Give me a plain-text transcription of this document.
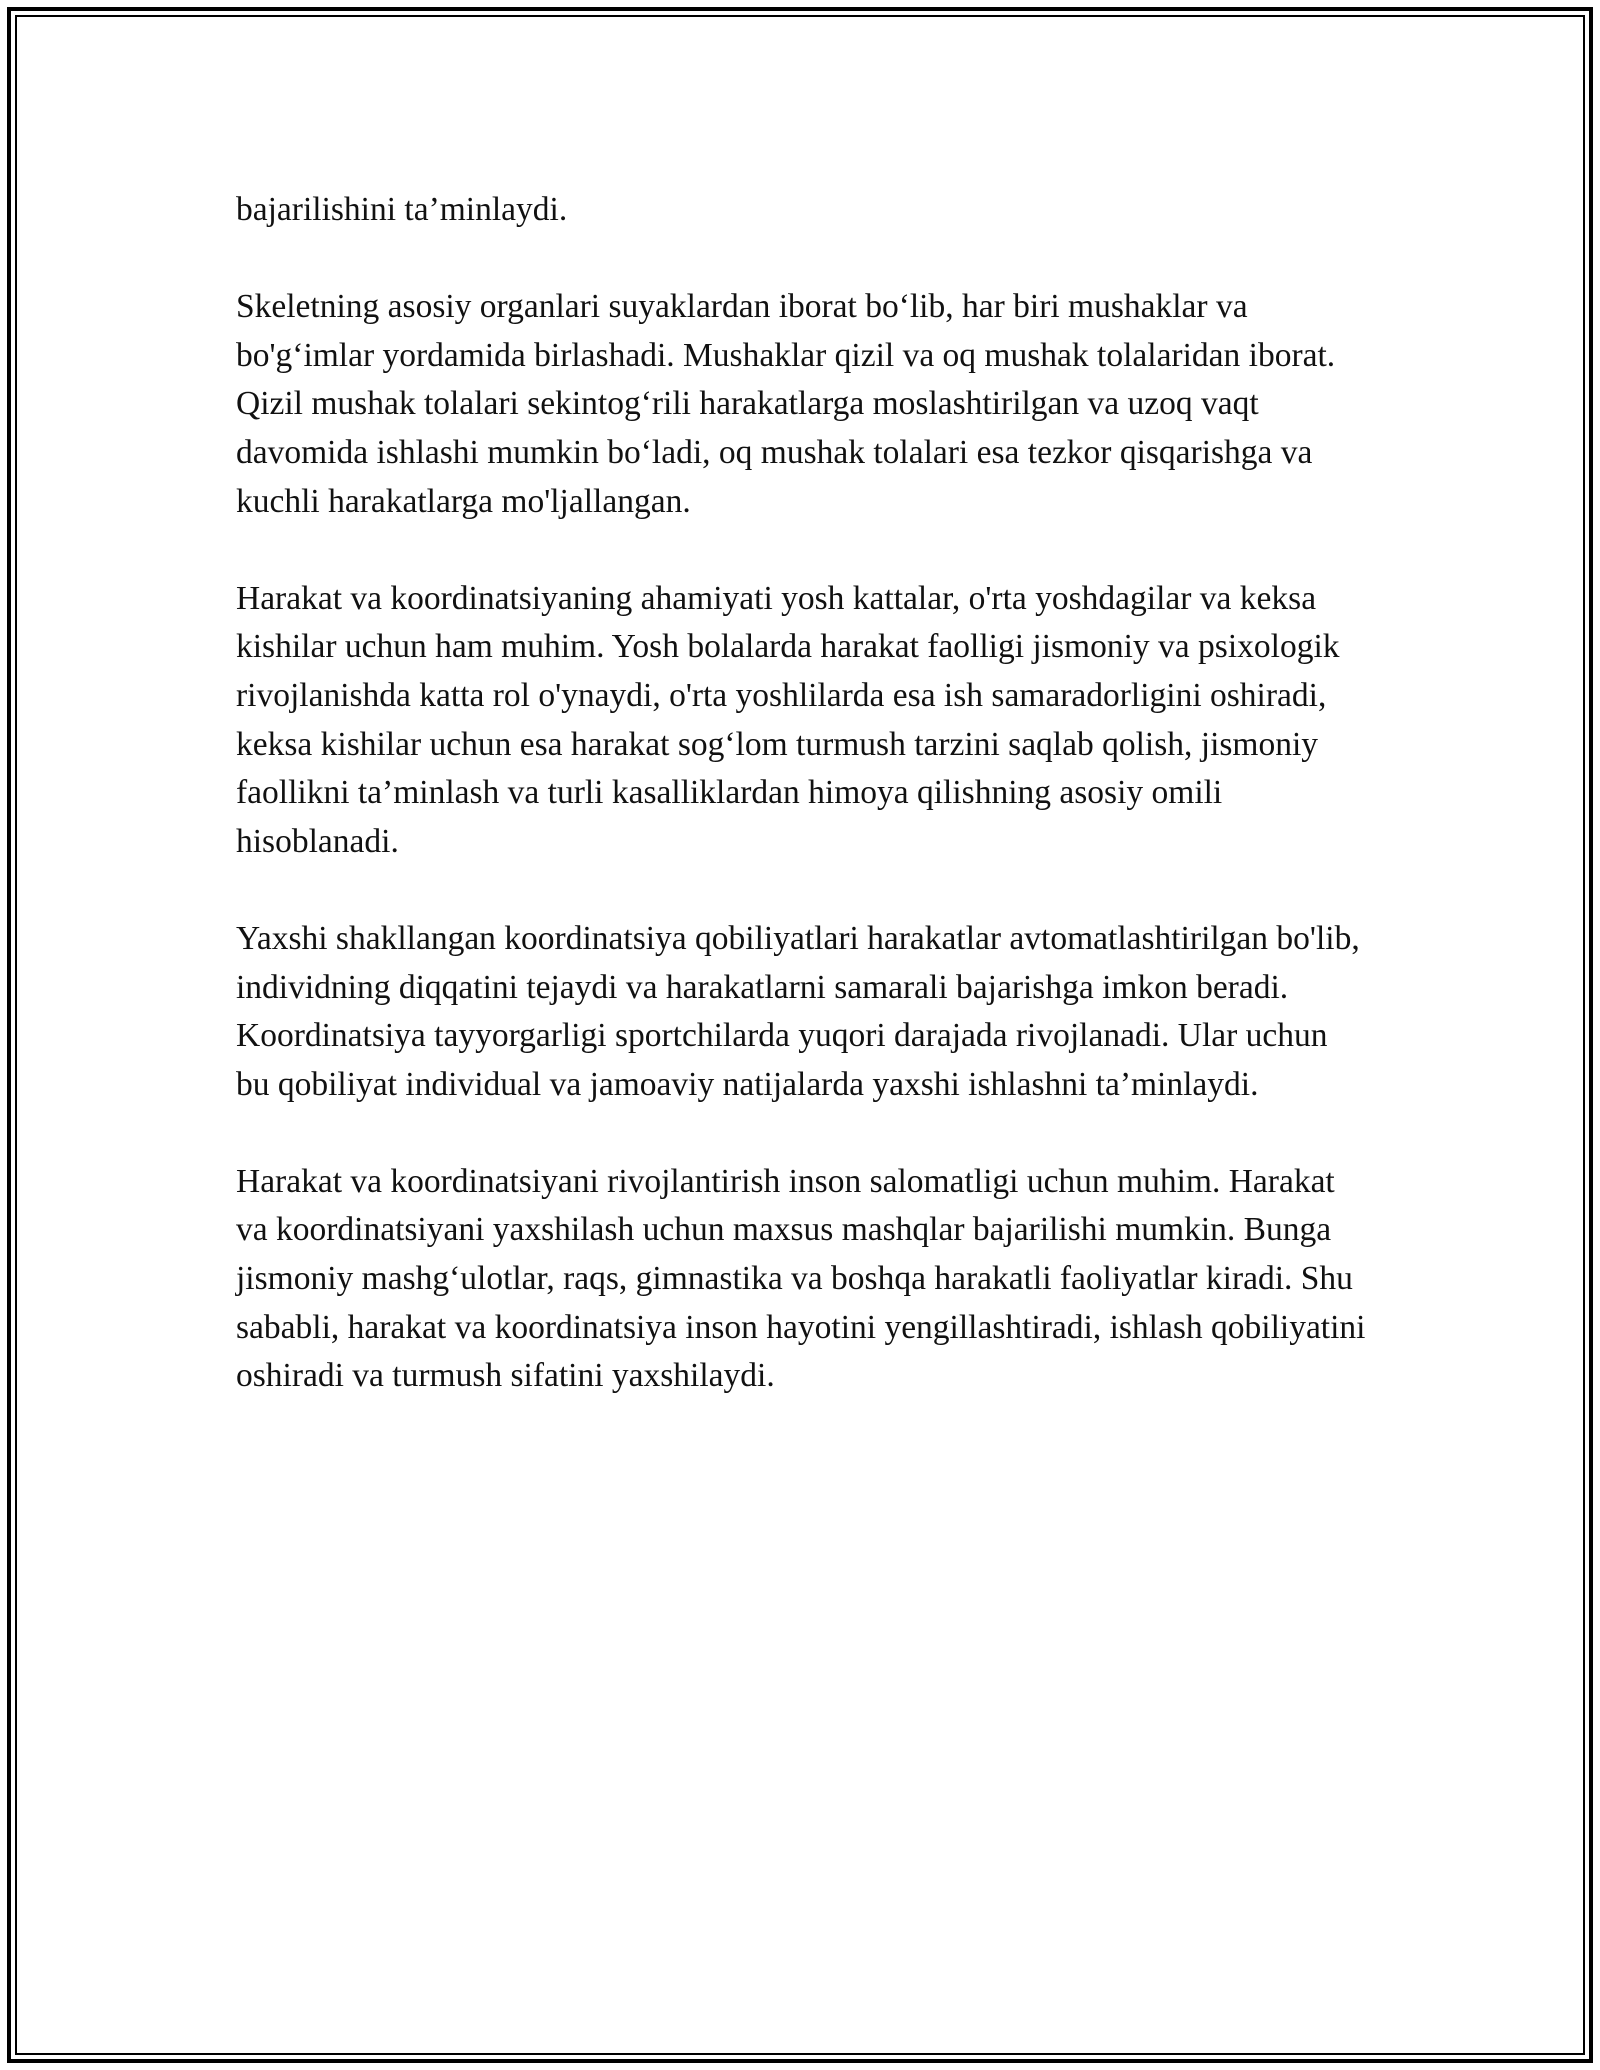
bajarilishini ta’minlaydi.

Skeletning asosiy organlari suyaklardan iborat bo‘lib, har biri mushaklar va bo'g‘imlar yordamida birlashadi. Mushaklar qizil va oq mushak tolalaridan iborat. Qizil mushak tolalari sekintog‘rili harakatlarga moslashtirilgan va uzoq vaqt davomida ishlashi mumkin bo‘ladi, oq mushak tolalari esa tezkor qisqarishga va kuchli harakatlarga mo'ljallangan.

Harakat va koordinatsiyaning ahamiyati yosh kattalar, o'rta yoshdagilar va keksa kishilar uchun ham muhim. Yosh bolalarda harakat faolligi jismoniy va psixologik rivojlanishda katta rol o'ynaydi, o'rta yoshlilarda esa ish samaradorligini oshiradi, keksa kishilar uchun esa harakat sog‘lom turmush tarzini saqlab qolish, jismoniy faollikni ta’minlash va turli kasalliklardan himoya qilishning asosiy omili hisoblanadi.

Yaxshi shakllangan koordinatsiya qobiliyatlari harakatlar avtomatlashtirilgan bo'lib, individning diqqatini tejaydi va harakatlarni samarali bajarishga imkon beradi. Koordinatsiya tayyorgarligi sportchilarda yuqori darajada rivojlanadi. Ular uchun bu qobiliyat individual va jamoaviy natijalarda yaxshi ishlashni ta’minlaydi.

Harakat va koordinatsiyani rivojlantirish inson salomatligi uchun muhim. Harakat va koordinatsiyani yaxshilash uchun maxsus mashqlar bajarilishi mumkin. Bunga jismoniy mashg‘ulotlar, raqs, gimnastika va boshqa harakatli faoliyatlar kiradi. Shu sababli, harakat va koordinatsiya inson hayotini yengillashtiradi, ishlash qobiliyatini oshiradi va turmush sifatini yaxshilaydi.
